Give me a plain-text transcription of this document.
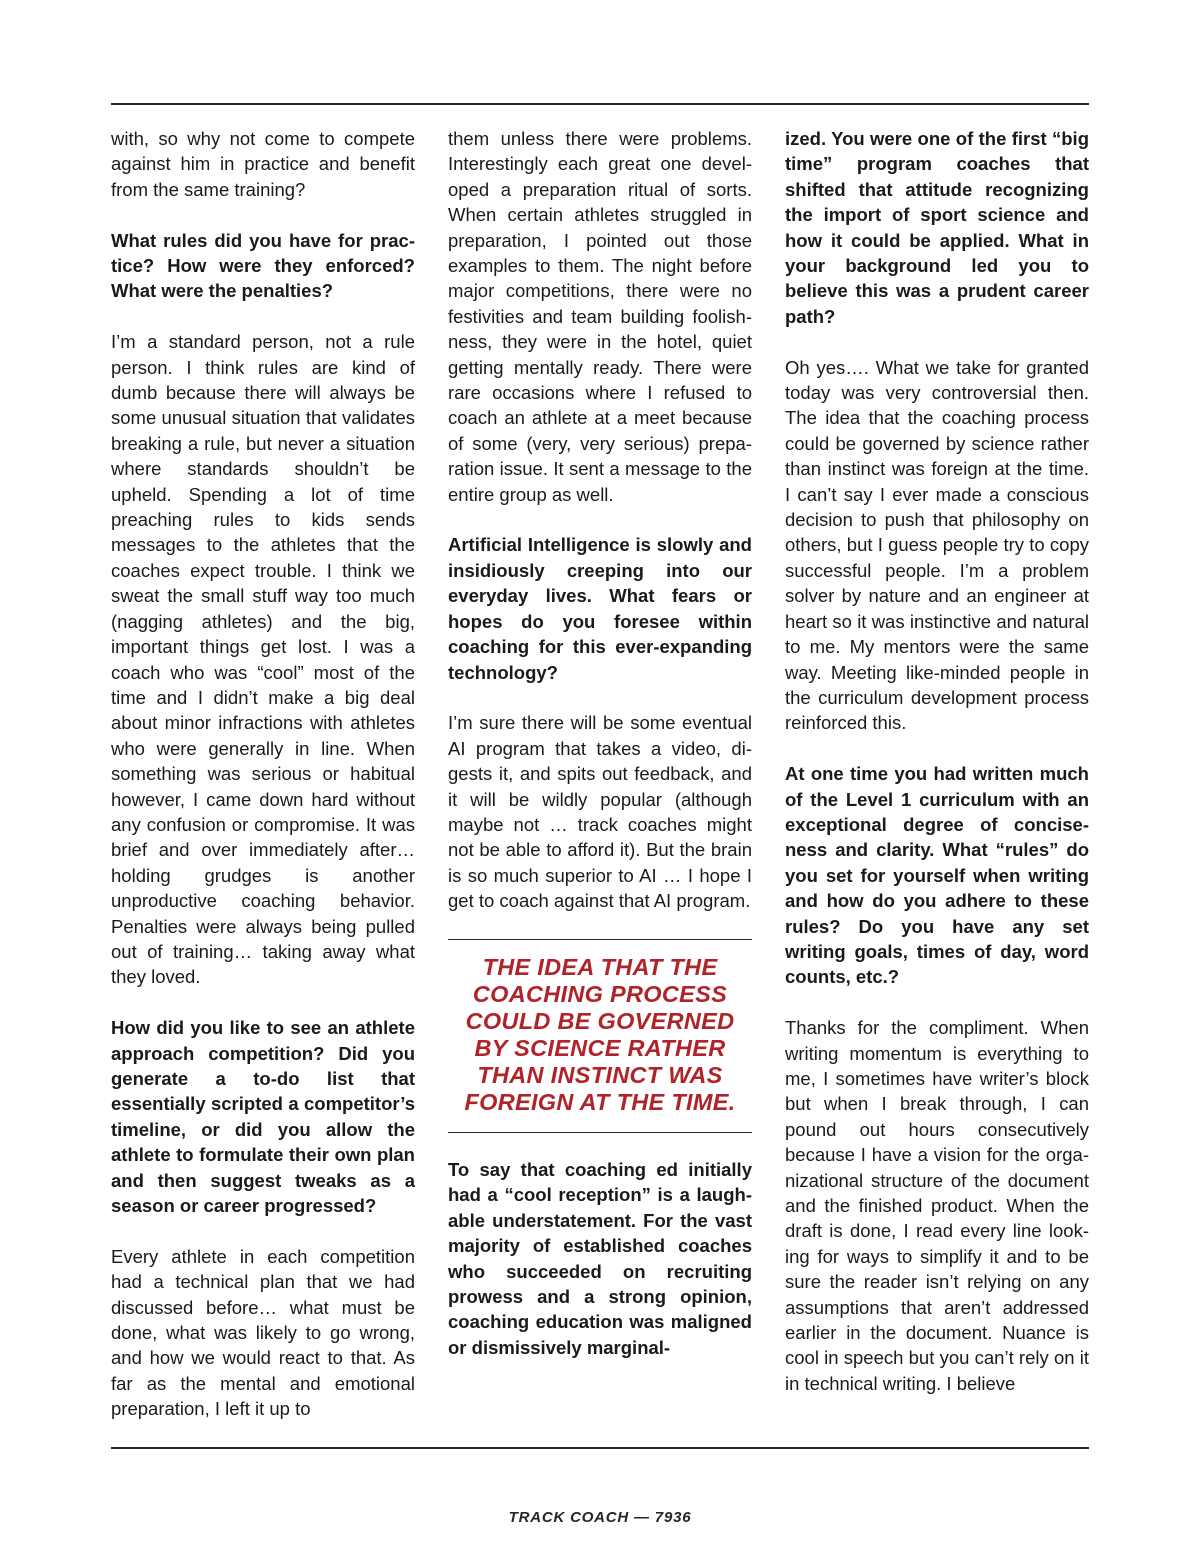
with, so why not come to compete against him in practice and benefit from the same training?

What rules did you have for practice? How were they enforced? What were the penalties?

I’m a standard person, not a rule person. I think rules are kind of dumb because there will always be some unusual situation that validates breaking a rule, but never a situation where standards shouldn’t be upheld. Spending a lot of time preaching rules to kids sends messages to the athletes that the coaches expect trouble. I think we sweat the small stuff way too much (nagging athletes) and the big, important things get lost. I was a coach who was “cool” most of the time and I didn’t make a big deal about minor infractions with athletes who were generally in line. When something was serious or habitual however, I came down hard without any confusion or compromise. It was brief and over immediately after… holding grudges is another unproductive coaching behavior. Penalties were always being pulled out of training… taking away what they loved.

How did you like to see an athlete approach competition? Did you generate a to-do list that essentially scripted a competitor’s timeline, or did you allow the athlete to formulate their own plan and then suggest tweaks as a season or career progressed?

Every athlete in each competition had a technical plan that we had discussed before… what must be done, what was likely to go wrong, and how we would react to that. As far as the mental and emotional preparation, I left it up to

them unless there were problems. Interestingly each great one developed a preparation ritual of sorts. When certain athletes struggled in preparation, I pointed out those examples to them. The night before major competitions, there were no festivities and team building foolishness, they were in the hotel, quiet getting mentally ready. There were rare occasions where I refused to coach an athlete at a meet because of some (very, very serious) preparation issue. It sent a message to the entire group as well.

Artificial Intelligence is slowly and insidiously creeping into our everyday lives. What fears or hopes do you foresee within coaching for this ever-expanding technology?

I’m sure there will be some eventual AI program that takes a video, digests it, and spits out feedback, and it will be wildly popular (although maybe not … track coaches might not be able to afford it). But the brain is so much superior to AI … I hope I get to coach against that AI program.

THE IDEA THAT THE COACHING PROCESS COULD BE GOVERNED BY SCIENCE RATHER THAN INSTINCT WAS FOREIGN AT THE TIME.

To say that coaching ed initially had a “cool reception” is a laughable understatement. For the vast majority of established coaches who succeeded on recruiting prowess and a strong opinion, coaching education was maligned or dismissively marginal-

ized. You were one of the first “big time” program coaches that shifted that attitude recognizing the import of sport science and how it could be applied. What in your background led you to believe this was a prudent career path?

Oh yes…. What we take for granted today was very controversial then. The idea that the coaching process could be governed by science rather than instinct was foreign at the time. I can’t say I ever made a conscious decision to push that philosophy on others, but I guess people try to copy successful people. I’m a problem solver by nature and an engineer at heart so it was instinctive and natural to me. My mentors were the same way. Meeting like-minded people in the curriculum development process reinforced this.

At one time you had written much of the Level 1 curriculum with an exceptional degree of conciseness and clarity. What “rules” do you set for yourself when writing and how do you adhere to these rules? Do you have any set writing goals, times of day, word counts, etc.?

Thanks for the compliment. When writing momentum is everything to me, I sometimes have writer’s block but when I break through, I can pound out hours consecutively because I have a vision for the organizational structure of the document and the finished product. When the draft is done, I read every line looking for ways to simplify it and to be sure the reader isn’t relying on any assumptions that aren’t addressed earlier in the document. Nuance is cool in speech but you can’t rely on it in technical writing. I believe

TRACK COACH — 7936
